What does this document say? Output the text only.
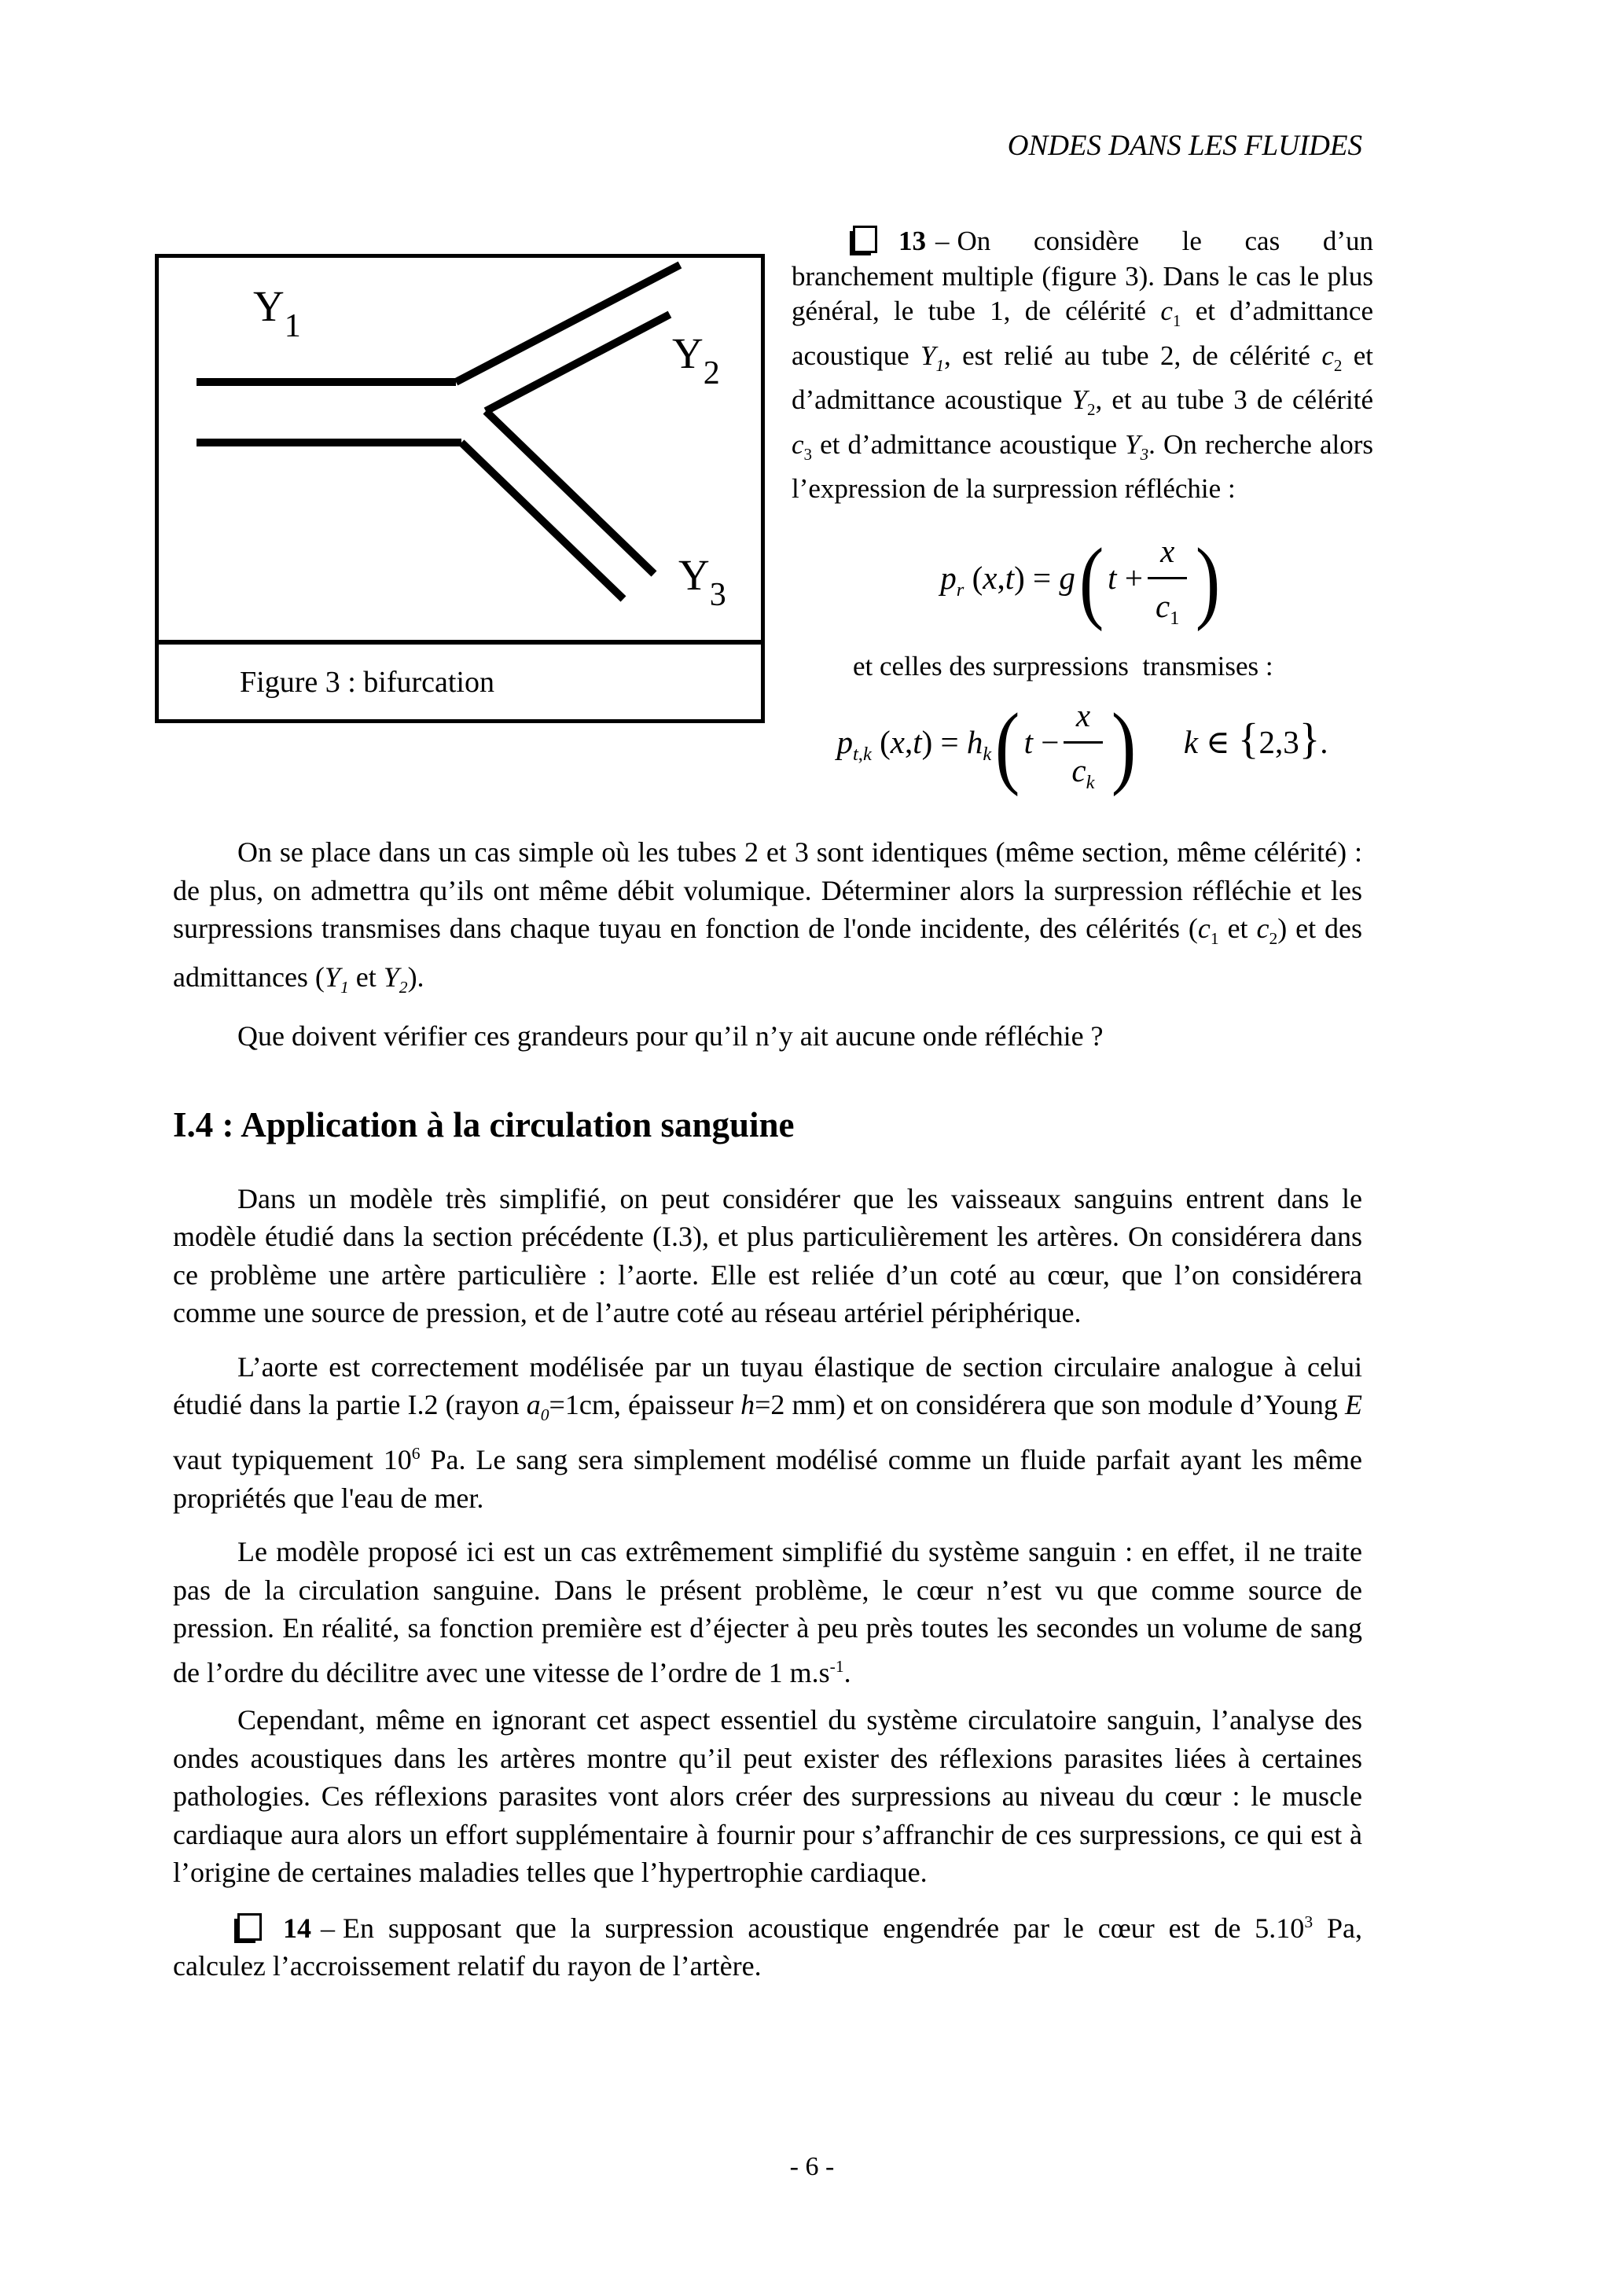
ONDES DANS LES FLUIDES
$Y_1$
$Y_2$
$Y_3$
Figure 3 : bifurcation

13 – On considère le cas d’un branchement multiple (figure 3). Dans le cas le plus général, le tube 1, de célérité $c_1$ et d’admittance acoustique $Y_1$, est relié au tube 2, de célérité $c_2$ et d’admittance acoustique $Y_2$, et au tube 3 de célérité $c_3$ et d’admittance acoustique $Y_3$. On recherche alors l’expression de la surpression réfléchie :

$p_r$ (x,t) = g( $t + \frac{x}{c_1}$ )

et celles des surpressions  transmises :

$p_{t,k}$ $(x,t) = h_k$( $t - \frac{x}{c_k}$ ) k ∈ {2,3}.

On se place dans un cas simple où les tubes 2 et 3 sont identiques (même section, même célérité) : de plus, on admettra qu’ils ont même débit volumique. Déterminer alors la surpression réfléchie et les surpressions transmises dans chaque tuyau en fonction de l'onde incidente, des célérités ($c_1$ et $c_2$) et des admittances ($Y_1$ et $Y_2$).

Que doivent vérifier ces grandeurs pour qu’il n’y ait aucune onde réfléchie ?

I.4 : Application à la circulation sanguine

Dans un modèle très simplifié, on peut considérer que les vaisseaux sanguins entrent dans le modèle étudié dans la section précédente (I.3), et plus particulièrement les artères. On considérera dans ce problème une artère particulière : l’aorte. Elle est reliée d’un coté au cœur, que l’on considérera comme une source de pression, et de l’autre coté au réseau artériel périphérique.

L’aorte est correctement modélisée par un tuyau élastique de section circulaire analogue à celui étudié dans la partie I.2 (rayon $a_0=1cm$, épaisseur h=2 mm) et on considérera que son module d’Young E vaut typiquement $10^6$ Pa. Le sang sera simplement modélisé comme un fluide parfait ayant les même propriétés que l'eau de mer.

Le modèle proposé ici est un cas extrêmement simplifié du système sanguin : en effet, il ne traite pas de la circulation sanguine. Dans le présent problème, le cœur n’est vu que comme source de pression. En réalité, sa fonction première est d’éjecter à peu près toutes les secondes un volume de sang de l’ordre du décilitre avec une vitesse de l’ordre de 1 $m.s^{-1}$.

Cependant, même en ignorant cet aspect essentiel du système circulatoire sanguin, l’analyse des ondes acoustiques dans les artères montre qu’il peut exister des réflexions parasites liées à certaines pathologies. Ces réflexions parasites vont alors créer des surpressions au niveau du cœur : le muscle cardiaque aura alors un effort supplémentaire à fournir pour s’affranchir de ces surpressions, ce qui est à l’origine de certaines maladies telles que l’hypertrophie cardiaque.

14 – En supposant que la surpression acoustique engendrée par le cœur est de 5.10$^3$ Pa, calculez l’accroissement relatif du rayon de l’artère.

- 6 -
